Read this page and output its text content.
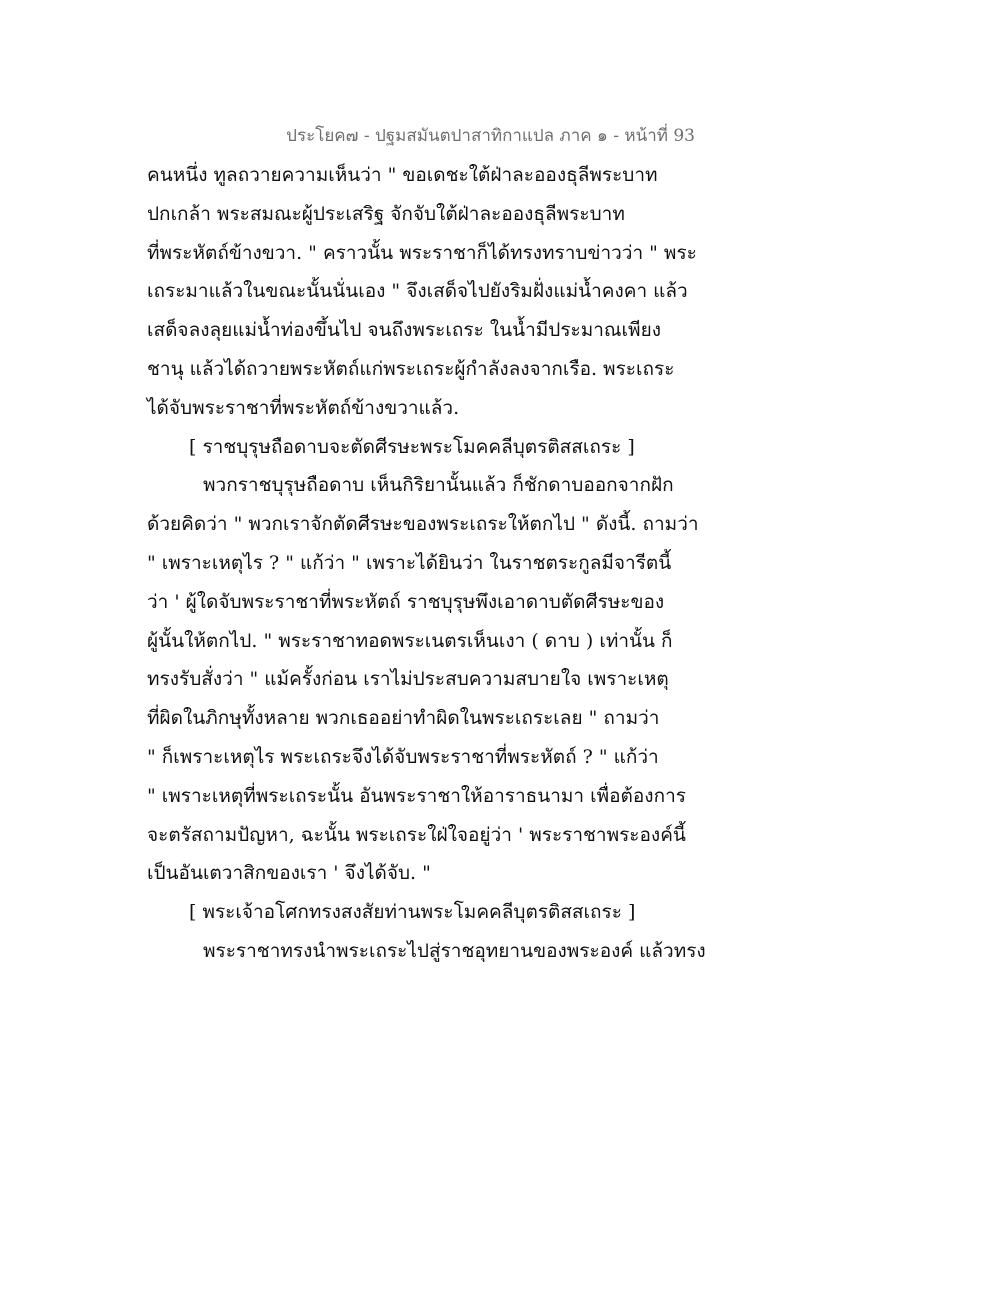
ประโยค๗ - ปฐมสมันตปาสาทิกาแปล ภาค ๑ - หน้าที่ 93
คนหนึ่ง ทูลถวายความเห็นว่า " ขอเดชะใต้ฝ่าละอองธุลีพระบาท
ปกเกล้า พระสมณะผู้ประเสริฐ จักจับใต้ฝ่าละอองธุลีพระบาท
ที่พระหัตถ์ข้างขวา. " คราวนั้น พระราชาก็ได้ทรงทราบข่าวว่า " พระ
เถระมาแล้วในขณะนั้นนั่นเอง " จึงเสด็จไปยังริมฝั่งแม่น้ำคงคา แล้ว
เสด็จลงลุยแม่น้ำท่องขึ้นไป จนถึงพระเถระ ในน้ำมีประมาณเพียง
ชานุ แล้วได้ถวายพระหัตถ์แก่พระเถระผู้กำลังลงจากเรือ. พระเถระ
ได้จับพระราชาที่พระหัตถ์ข้างขวาแล้ว.
[ ราชบุรุษถือดาบจะตัดศีรษะพระโมคคลีบุตรติสสเถระ ]
พวกราชบุรุษถือดาบ เห็นกิริยานั้นแล้ว ก็ชักดาบออกจากฝัก
ด้วยคิดว่า " พวกเราจักตัดศีรษะของพระเถระให้ตกไป " ดังนี้. ถามว่า
" เพราะเหตุไร ? " แก้ว่า " เพราะได้ยินว่า ในราชตระกูลมีจารีตนี้
ว่า ' ผู้ใดจับพระราชาที่พระหัตถ์ ราชบุรุษพึงเอาดาบตัดศีรษะของ
ผู้นั้นให้ตกไป. " พระราชาทอดพระเนตรเห็นเงา ( ดาบ ) เท่านั้น ก็
ทรงรับสั่งว่า " แม้ครั้งก่อน เราไม่ประสบความสบายใจ เพราะเหตุ
ที่ผิดในภิกษุทั้งหลาย พวกเธออย่าทำผิดในพระเถระเลย " ถามว่า
" ก็เพราะเหตุไร พระเถระจึงได้จับพระราชาที่พระหัตถ์ ? " แก้ว่า
" เพราะเหตุที่พระเถระนั้น อันพระราชาให้อาราธนามา เพื่อต้องการ
จะตรัสถามปัญหา, ฉะนั้น พระเถระใฝ่ใจอยู่ว่า ' พระราชาพระองค์นี้
เป็นอันเตวาสิกของเรา ' จึงได้จับ. "
[ พระเจ้าอโศกทรงสงสัยท่านพระโมคคลีบุตรติสสเถระ ]
พระราชาทรงนำพระเถระไปสู่ราชอุทยานของพระองค์ แล้วทรง
